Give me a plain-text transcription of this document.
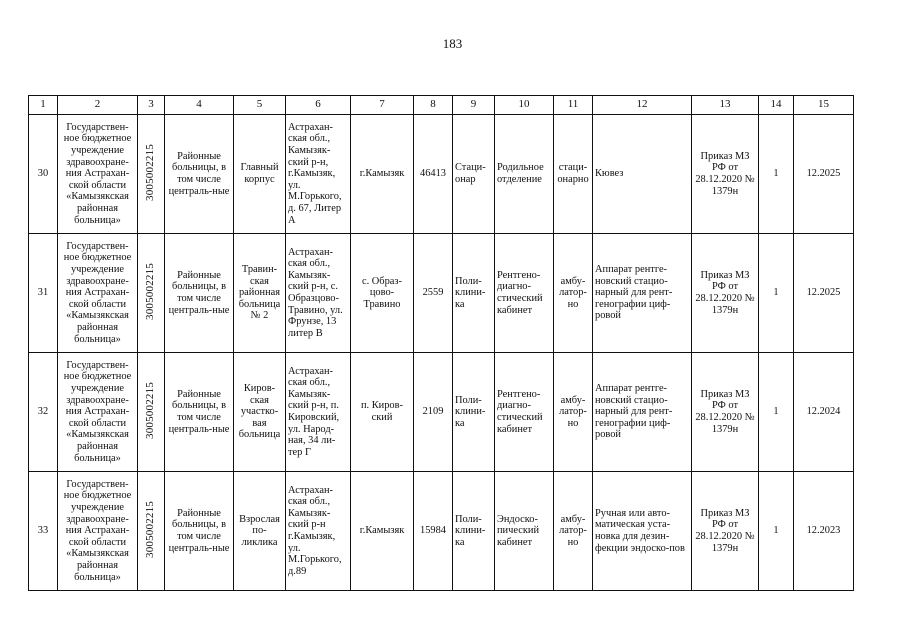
183
1	2	3	4	5	6	7	8	9	10	11	12	13	14	15
30	Государствен-ное бюджетное учреждение здравоохране-ния Астрахан-ской области «Камызякская районная больница»	3005002215	Районные больницы, в том числе централь-ные	Главный корпус	Астрахан-ская обл., Камызяк-ский р-н, г.Камызяк, ул. М.Горького, д. 67, Литер А	г.Камызяк	46413	Стаци-онар	Родильное отделение	стаци-онарно	Кювез	Приказ МЗ РФ от 28.12.2020 № 1379н	1	12.2025
31	Государствен-ное бюджетное учреждение здравоохране-ния Астрахан-ской области «Камызякская районная больница»	3005002215	Районные больницы, в том числе централь-ные	Травин-ская районная больница № 2	Астрахан-ская обл., Камызяк-ский р-н, с. Образцово-Травино, ул. Фрунзе, 13 литер В	с. Образ-цово-Травино	2559	Поли-клини-ка	Рентгено-диагно-стический кабинет	амбу-латор-но	Аппарат рентге-новский стацио-нарный для рент-генографии циф-ровой	Приказ МЗ РФ от 28.12.2020 № 1379н	1	12.2025
32	Государствен-ное бюджетное учреждение здравоохране-ния Астрахан-ской области «Камызякская районная больница»	3005002215	Районные больницы, в том числе централь-ные	Киров-ская участко-вая больница	Астрахан-ская обл., Камызяк-ский р-н, п. Кировский, ул. Народ-ная, 34 ли-тер Г	п. Киров-ский	2109	Поли-клини-ка	Рентгено-диагно-стический кабинет	амбу-латор-но	Аппарат рентге-новский стацио-нарный для рент-генографии циф-ровой	Приказ МЗ РФ от 28.12.2020 № 1379н	1	12.2024
33	Государствен-ное бюджетное учреждение здравоохране-ния Астрахан-ской области «Камызякская районная больница»	3005002215	Районные больницы, в том числе централь-ные	Взрослая по-ликлика	Астрахан-ская обл., Камызяк-ский р-н г.Камызяк, ул. М.Горького, д.89	г.Камызяк	15984	Поли-клини-ка	Эндоско-пический кабинет	амбу-латор-но	Ручная или авто-матическая уста-новка для дезин-фекции эндоско-пов	Приказ МЗ РФ от 28.12.2020 № 1379н	1	12.2023
